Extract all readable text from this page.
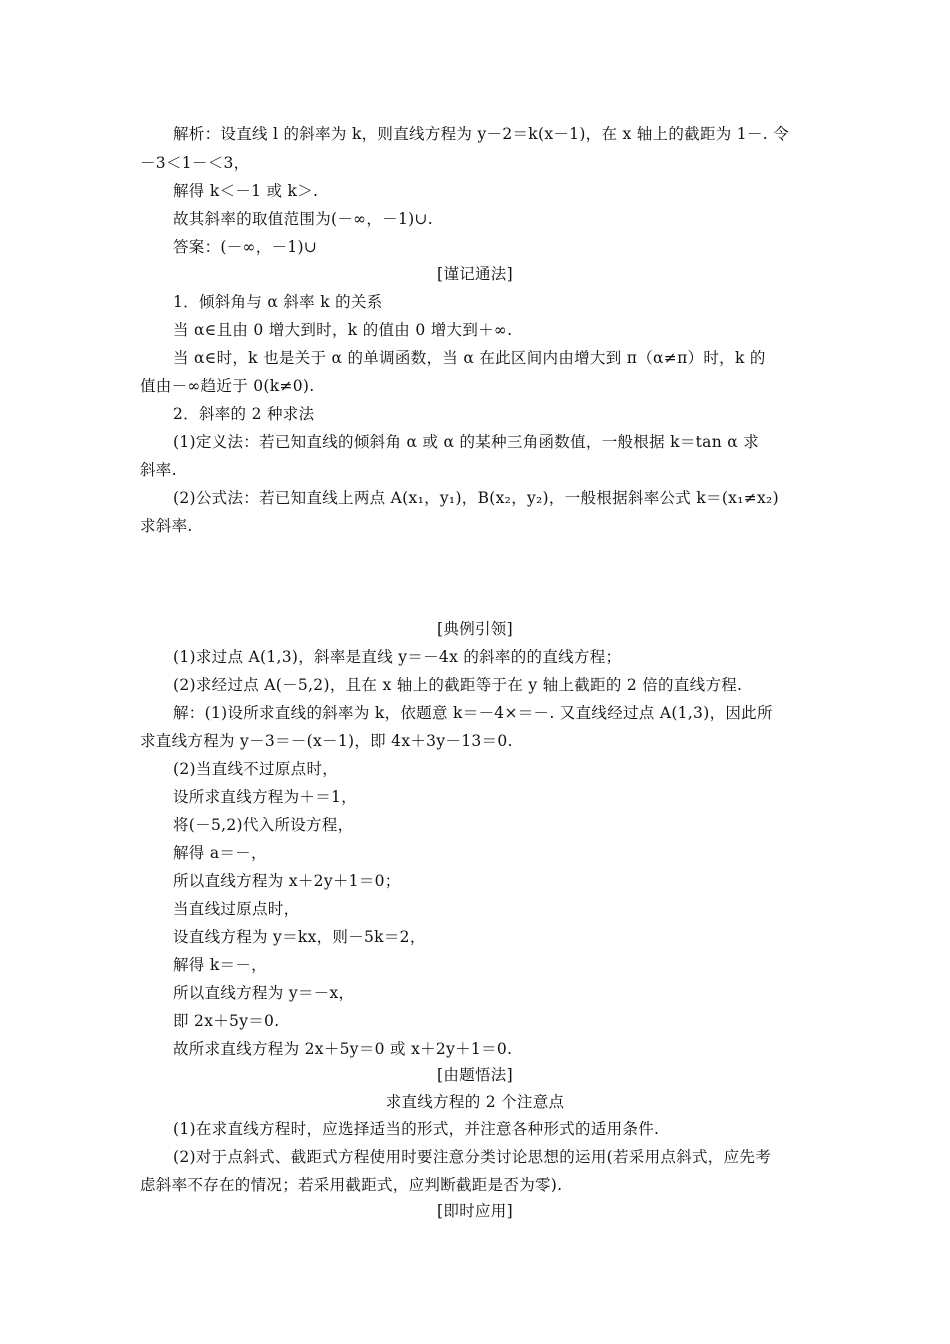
解析：设直线 l 的斜率为 k，则直线方程为 y－2＝k(x－1)，在 x 轴上的截距为 1－. 令
－3＜1－＜3，
解得 k＜－1 或 k＞.
故其斜率的取值范围为(－∞，－1)∪.
答案：(－∞，－1)∪
[谨记通法]
1．倾斜角与 α 斜率 k 的关系
当 α∈且由 0 增大到时，k 的值由 0 增大到＋∞.
当 α∈时，k 也是关于 α 的单调函数，当 α 在此区间内由增大到 π（α≠π）时，k 的
值由－∞趋近于 0(k≠0).
2．斜率的 2 种求法
(1)定义法：若已知直线的倾斜角 α 或 α 的某种三角函数值，一般根据 k＝tan α 求
斜率.
(2)公式法：若已知直线上两点 A(x₁，y₁)，B(x₂，y₂)，一般根据斜率公式 k＝(x₁≠x₂)
求斜率.
[典例引领]
(1)求过点 A(1,3)，斜率是直线 y＝－4x 的斜率的的直线方程；
(2)求经过点 A(－5,2)，且在 x 轴上的截距等于在 y 轴上截距的 2 倍的直线方程.
解：(1)设所求直线的斜率为 k，依题意 k＝－4×＝－. 又直线经过点 A(1,3)，因此所
求直线方程为 y－3＝－(x－1)，即 4x＋3y－13＝0.
(2)当直线不过原点时，
设所求直线方程为＋＝1，
将(－5,2)代入所设方程，
解得 a＝－，
所以直线方程为 x＋2y＋1＝0；
当直线过原点时，
设直线方程为 y＝kx，则－5k＝2，
解得 k＝－，
所以直线方程为 y＝－x，
即 2x＋5y＝0.
故所求直线方程为 2x＋5y＝0 或 x＋2y＋1＝0.
[由题悟法]
求直线方程的 2 个注意点
(1)在求直线方程时，应选择适当的形式，并注意各种形式的适用条件.
(2)对于点斜式、截距式方程使用时要注意分类讨论思想的运用(若采用点斜式，应先考
虑斜率不存在的情况；若采用截距式，应判断截距是否为零).
[即时应用]
